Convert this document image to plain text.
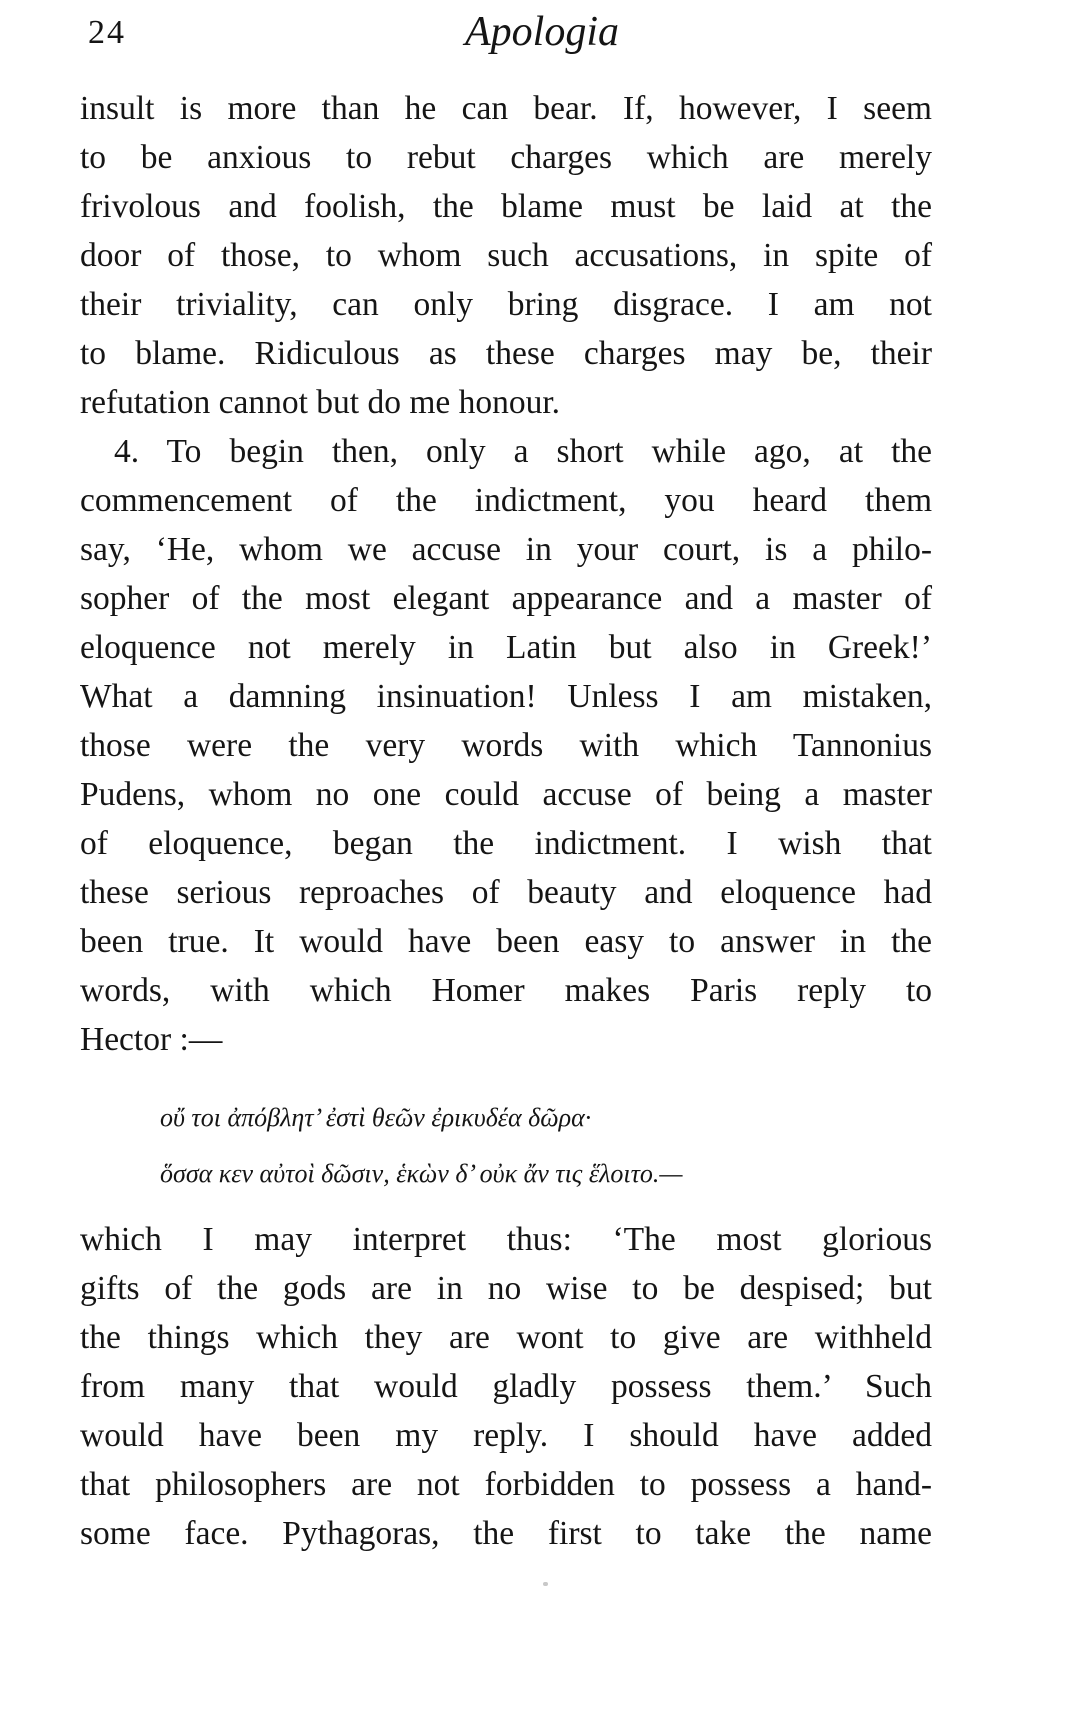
24	Apologia
insult is more than he can bear. If, however, I seem
to be anxious to rebut charges which are merely
frivolous and foolish, the blame must be laid at the
door of those, to whom such accusations, in spite of
their triviality, can only bring disgrace. I am not
to blame. Ridiculous as these charges may be, their
refutation cannot but do me honour.
4. To begin then, only a short while ago, at the
commencement of the indictment, you heard them
say, ‘He, whom we accuse in your court, is a philo-
sopher of the most elegant appearance and a master of
eloquence not merely in Latin but also in Greek!’
What a damning insinuation! Unless I am mistaken,
those were the very words with which Tannonius
Pudens, whom no one could accuse of being a master
of eloquence, began the indictment. I wish that
these serious reproaches of beauty and eloquence had
been true. It would have been easy to answer in the
words, with which Homer makes Paris reply to
Hector :—
οὔ τοι ἀπόβλητ’ ἐστὶ θεῶν ἐρικυδέα δῶρα·
ὅσσα κεν αὐτοὶ δῶσιν, ἑκὼν δ’ οὐκ ἄν τις ἕλοιτο.—
which I may interpret thus: ‘The most glorious
gifts of the gods are in no wise to be despised; but
the things which they are wont to give are withheld
from many that would gladly possess them.’ Such
would have been my reply. I should have added
that philosophers are not forbidden to possess a hand-
some face. Pythagoras, the first to take the name
